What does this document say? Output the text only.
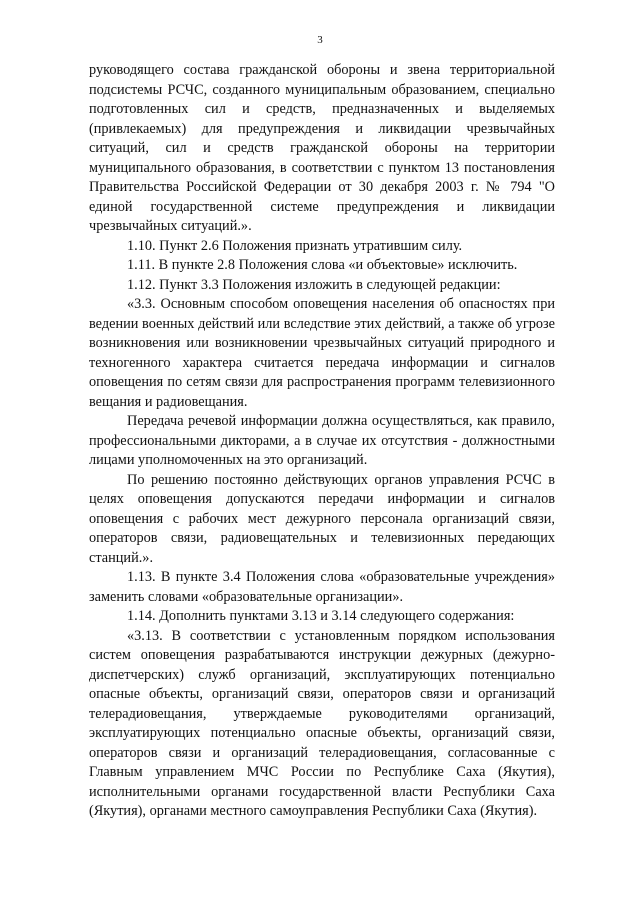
3

руководящего состава гражданской обороны и звена территориальной подсистемы РСЧС, созданного муниципальным образованием, специально подготовленных сил и средств, предназначенных и выделяемых (привлекаемых) для предупреждения и ликвидации чрезвычайных ситуаций, сил и средств гражданской обороны на территории муниципального образования, в соответствии с пунктом 13 постановления Правительства Российской Федерации от 30 декабря 2003 г. № 794 "О единой государственной системе предупреждения и ликвидации чрезвычайных ситуаций.».

1.10. Пункт 2.6 Положения признать утратившим силу.

1.11. В пункте 2.8 Положения слова «и объектовые» исключить.

1.12. Пункт 3.3 Положения изложить в следующей редакции:

«3.3. Основным способом оповещения населения об опасностях при ведении военных действий или вследствие этих действий, а также об угрозе возникновения или возникновении чрезвычайных ситуаций природного и техногенного характера считается передача информации и сигналов оповещения по сетям связи для распространения программ телевизионного вещания и радиовещания.

Передача речевой информации должна осуществляться, как правило, профессиональными дикторами, а в случае их отсутствия - должностными лицами уполномоченных на это организаций.

По решению постоянно действующих органов управления РСЧС в целях оповещения допускаются передачи информации и сигналов оповещения с рабочих мест дежурного персонала организаций связи, операторов связи, радиовещательных и телевизионных передающих станций.».

1.13. В пункте 3.4 Положения слова «образовательные учреждения» заменить словами «образовательные организации».

1.14. Дополнить пунктами 3.13 и 3.14 следующего содержания:

«3.13. В соответствии с установленным порядком использования систем оповещения разрабатываются инструкции дежурных (дежурно-диспетчерских) служб организаций, эксплуатирующих потенциально опасные объекты, организаций связи, операторов связи и организаций телерадиовещания, утверждаемые руководителями организаций, эксплуатирующих потенциально опасные объекты, организаций связи, операторов связи и организаций телерадиовещания, согласованные с Главным управлением МЧС России по Республике Саха (Якутия), исполнительными органами государственной власти Республики Саха (Якутия), органами местного самоуправления Республики Саха (Якутия).
